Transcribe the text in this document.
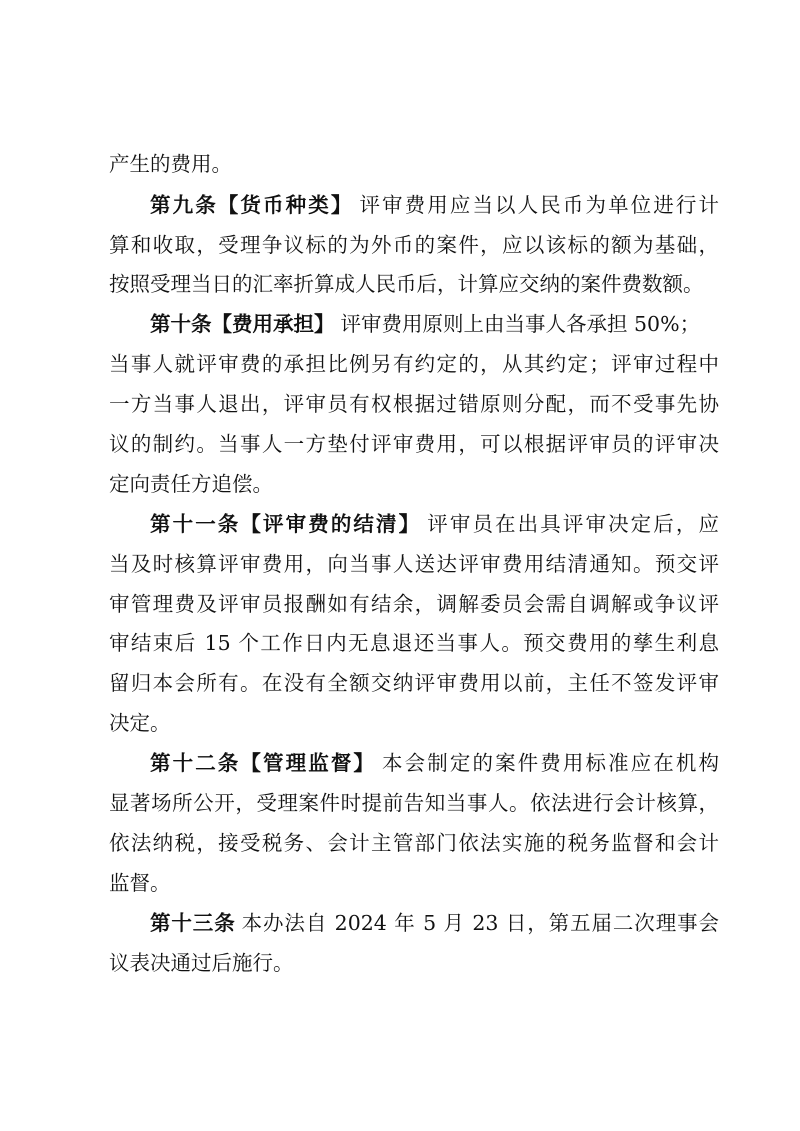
产生的费用。
第九条【货币种类】 评审费用应当以人民币为单位进行计
算和收取，受理争议标的为外币的案件，应以该标的额为基础，
按照受理当日的汇率折算成人民币后，计算应交纳的案件费数额。
第十条【费用承担】 评审费用原则上由当事人各承担 50%；
当事人就评审费的承担比例另有约定的，从其约定；评审过程中
一方当事人退出，评审员有权根据过错原则分配，而不受事先协
议的制约。当事人一方垫付评审费用，可以根据评审员的评审决
定向责任方追偿。
第十一条【评审费的结清】 评审员在出具评审决定后，应
当及时核算评审费用，向当事人送达评审费用结清通知。预交评
审管理费及评审员报酬如有结余，调解委员会需自调解或争议评
审结束后 15 个工作日内无息退还当事人。预交费用的孳生利息
留归本会所有。在没有全额交纳评审费用以前，主任不签发评审
决定。
第十二条【管理监督】 本会制定的案件费用标准应在机构
显著场所公开，受理案件时提前告知当事人。依法进行会计核算，
依法纳税，接受税务、会计主管部门依法实施的税务监督和会计
监督。
第十三条 本办法自 2024 年 5 月 23 日，第五届二次理事会
议表决通过后施行。
